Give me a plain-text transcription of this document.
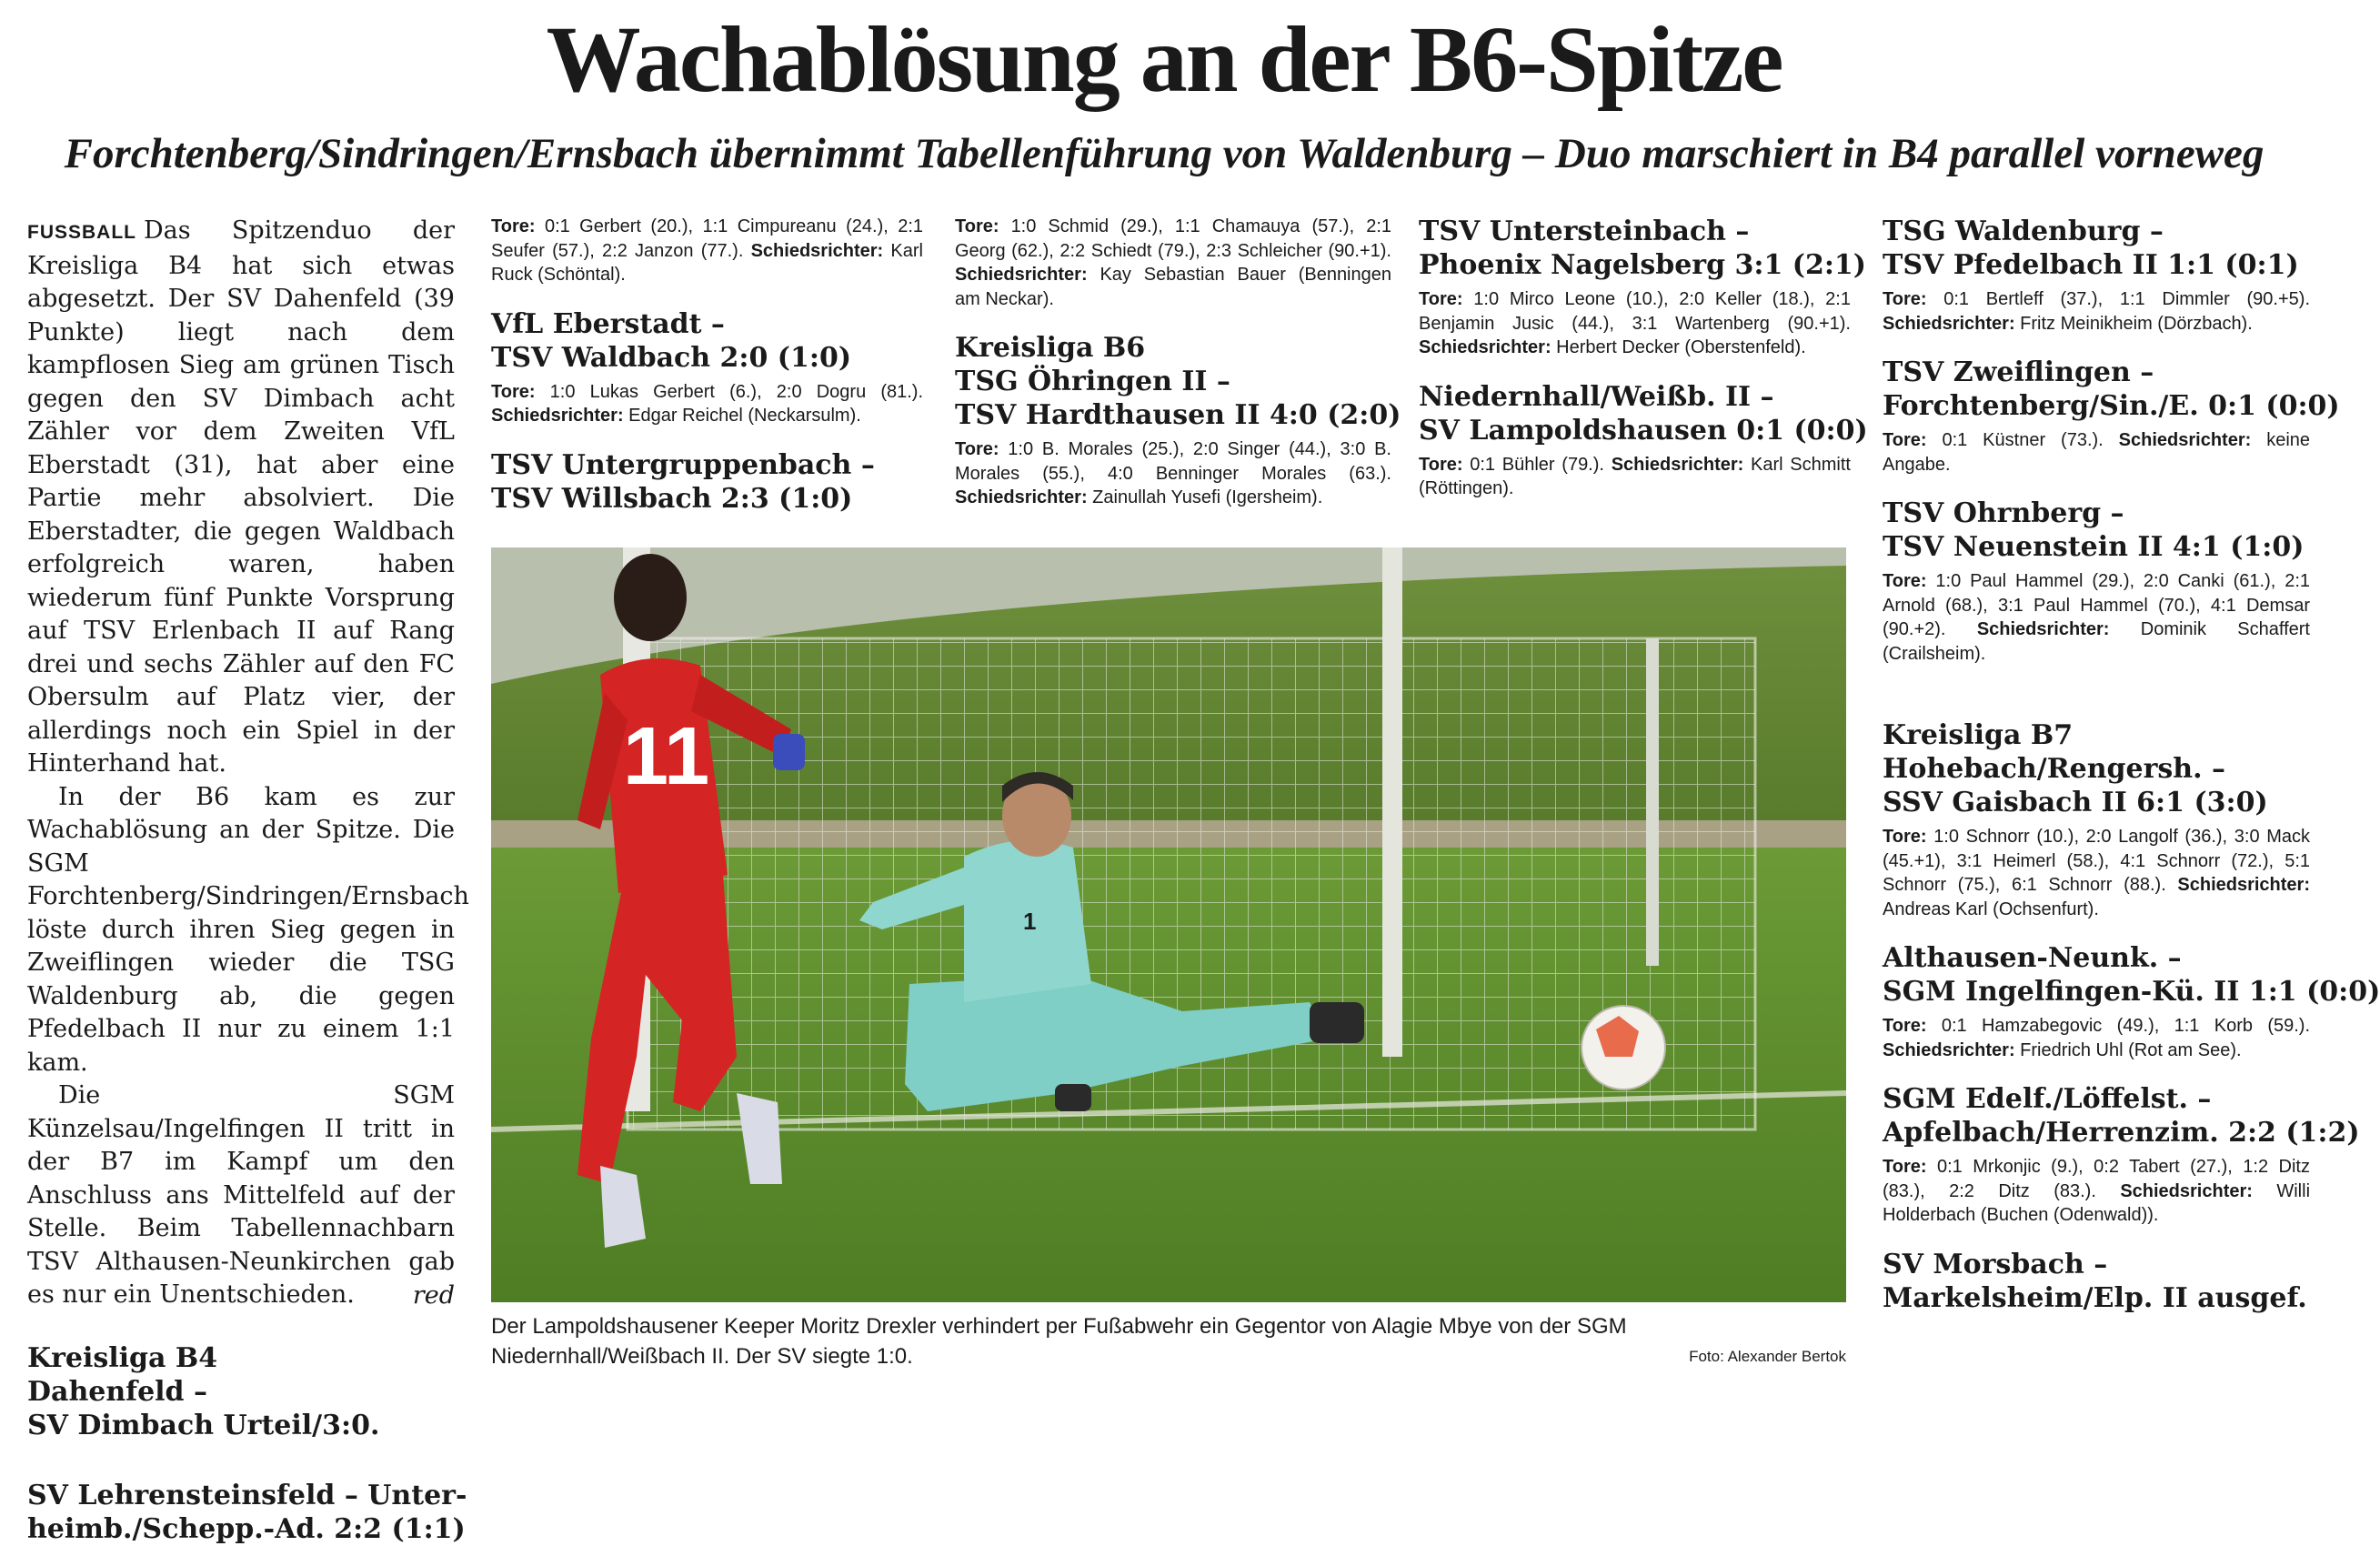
Wachablösung an der B6-Spitze
Forchtenberg/Sindringen/Ernsbach übernimmt Tabellenführung von Waldenburg – Duo marschiert in B4 parallel vorneweg

FUSSBALL Das Spitzenduo der Kreisliga B4 hat sich etwas abgesetzt. Der SV Dahenfeld (39 Punkte) liegt nach dem kampflosen Sieg am grünen Tisch gegen den SV Dimbach acht Zähler vor dem Zweiten VfL Eberstadt (31), hat aber eine Partie mehr absolviert. Die Eberstadter, die gegen Waldbach erfolgreich waren, haben wiederum fünf Punkte Vorsprung auf TSV Erlenbach II auf Rang drei und sechs Zähler auf den FC Obersulm auf Platz vier, der allerdings noch ein Spiel in der Hinterhand hat.

In der B6 kam es zur Wachablösung an der Spitze. Die SGM Forchtenberg/Sindringen/Ernsbach löste durch ihren Sieg gegen in Zweiflingen wieder die TSG Waldenburg ab, die gegen Pfedelbach II nur zu einem 1:1 kam.

Die SGM Künzelsau/Ingelfingen II tritt in der B7 im Kampf um den Anschluss ans Mittelfeld auf der Stelle. Beim Tabellennachbarn TSV Althausen-Neunkirchen gab es nur ein Unentschieden.	red
Kreisliga B4
Dahenfeld –
SV Dimbach Urteil/3:0.
SV Lehrensteinsfeld – Unter-
heimb./Schepp.-Ad. 2:2 (1:1)

Tore: 0:1 Gerbert (20.), 1:1 Cimpureanu (24.), 2:1 Seufer (57.), 2:2 Janzon (77.). Schiedsrichter: Karl Ruck (Schöntal).

VfL Eberstadt –
TSV Waldbach 2:0 (1:0)

Tore: 1:0 Lukas Gerbert (6.), 2:0 Dogru (81.). Schiedsrichter: Edgar Reichel (Neckarsulm).

TSV Untergruppenbach –
TSV Willsbach 2:3 (1:0)

Tore: 1:0 Schmid (29.), 1:1 Chamauya (57.), 2:1 Georg (62.), 2:2 Schiedt (79.), 2:3 Schleicher (90.+1). Schiedsrichter: Kay Sebastian Bauer (Benningen am Neckar).

Kreisliga B6
TSG Öhringen II –
TSV Hardthausen II 4:0 (2:0)

Tore: 1:0 B. Morales (25.), 2:0 Singer (44.), 3:0 B. Morales (55.), 4:0 Benninger Morales (63.). Schiedsrichter: Zainullah Yusefi (Igersheim).

TSV Untersteinbach –
Phoenix Nagelsberg 3:1 (2:1)

Tore: 1:0 Mirco Leone (10.), 2:0 Keller (18.), 2:1 Benjamin Jusic (44.), 3:1 Wartenberg (90.+1). Schiedsrichter: Herbert Decker (Oberstenfeld).

Niedernhall/Weißb. II –
SV Lampoldshausen 0:1 (0:0)

Tore: 0:1 Bühler (79.). Schiedsrichter: Karl Schmitt (Röttingen).

TSG Waldenburg –
TSV Pfedelbach II 1:1 (0:1)

Tore: 0:1 Bertleff (37.), 1:1 Dimmler (90.+5). Schiedsrichter: Fritz Meinikheim (Dörzbach).

TSV Zweiflingen –
Forchtenberg/Sin./E. 0:1 (0:0)

Tore: 0:1 Küstner (73.). Schiedsrichter: keine Angabe.

TSV Ohrnberg –
TSV Neuenstein II 4:1 (1:0)

Tore: 1:0 Paul Hammel (29.), 2:0 Canki (61.), 2:1 Arnold (68.), 3:1 Paul Hammel (70.), 4:1 Demsar (90.+2). Schiedsrichter: Dominik Schaffert (Crailsheim).

Kreisliga B7
Hohebach/Rengersh. –
SSV Gaisbach II 6:1 (3:0)

Tore: 1:0 Schnorr (10.), 2:0 Langolf (36.), 3:0 Mack (45.+1), 3:1 Heimerl (58.), 4:1 Schnorr (72.), 5:1 Schnorr (75.), 6:1 Schnorr (88.). Schiedsrichter: Andreas Karl (Ochsenfurt).

Althausen-Neunk. –
SGM Ingelfingen-Kü. II 1:1 (0:0)

Tore: 0:1 Hamzabegovic (49.), 1:1 Korb (59.). Schiedsrichter: Friedrich Uhl (Rot am See).

SGM Edelf./Löffelst. –
Apfelbach/Herrenzim. 2:2 (1:2)

Tore: 0:1 Mrkonjic (9.), 0:2 Tabert (27.), 1:2 Ditz (83.), 2:2 Ditz (83.). Schiedsrichter: Willi Holderbach (Buchen (Odenwald)).

SV Morsbach –
Markelsheim/Elp. II ausgef.
1
11

Der Lampoldshausener Keeper Moritz Drexler verhindert per Fußabwehr ein Gegentor von Alagie Mbye von der SGM Niedernhall/Weißbach II. Der SV siegte 1:0.	Foto: Alexander Bertok
